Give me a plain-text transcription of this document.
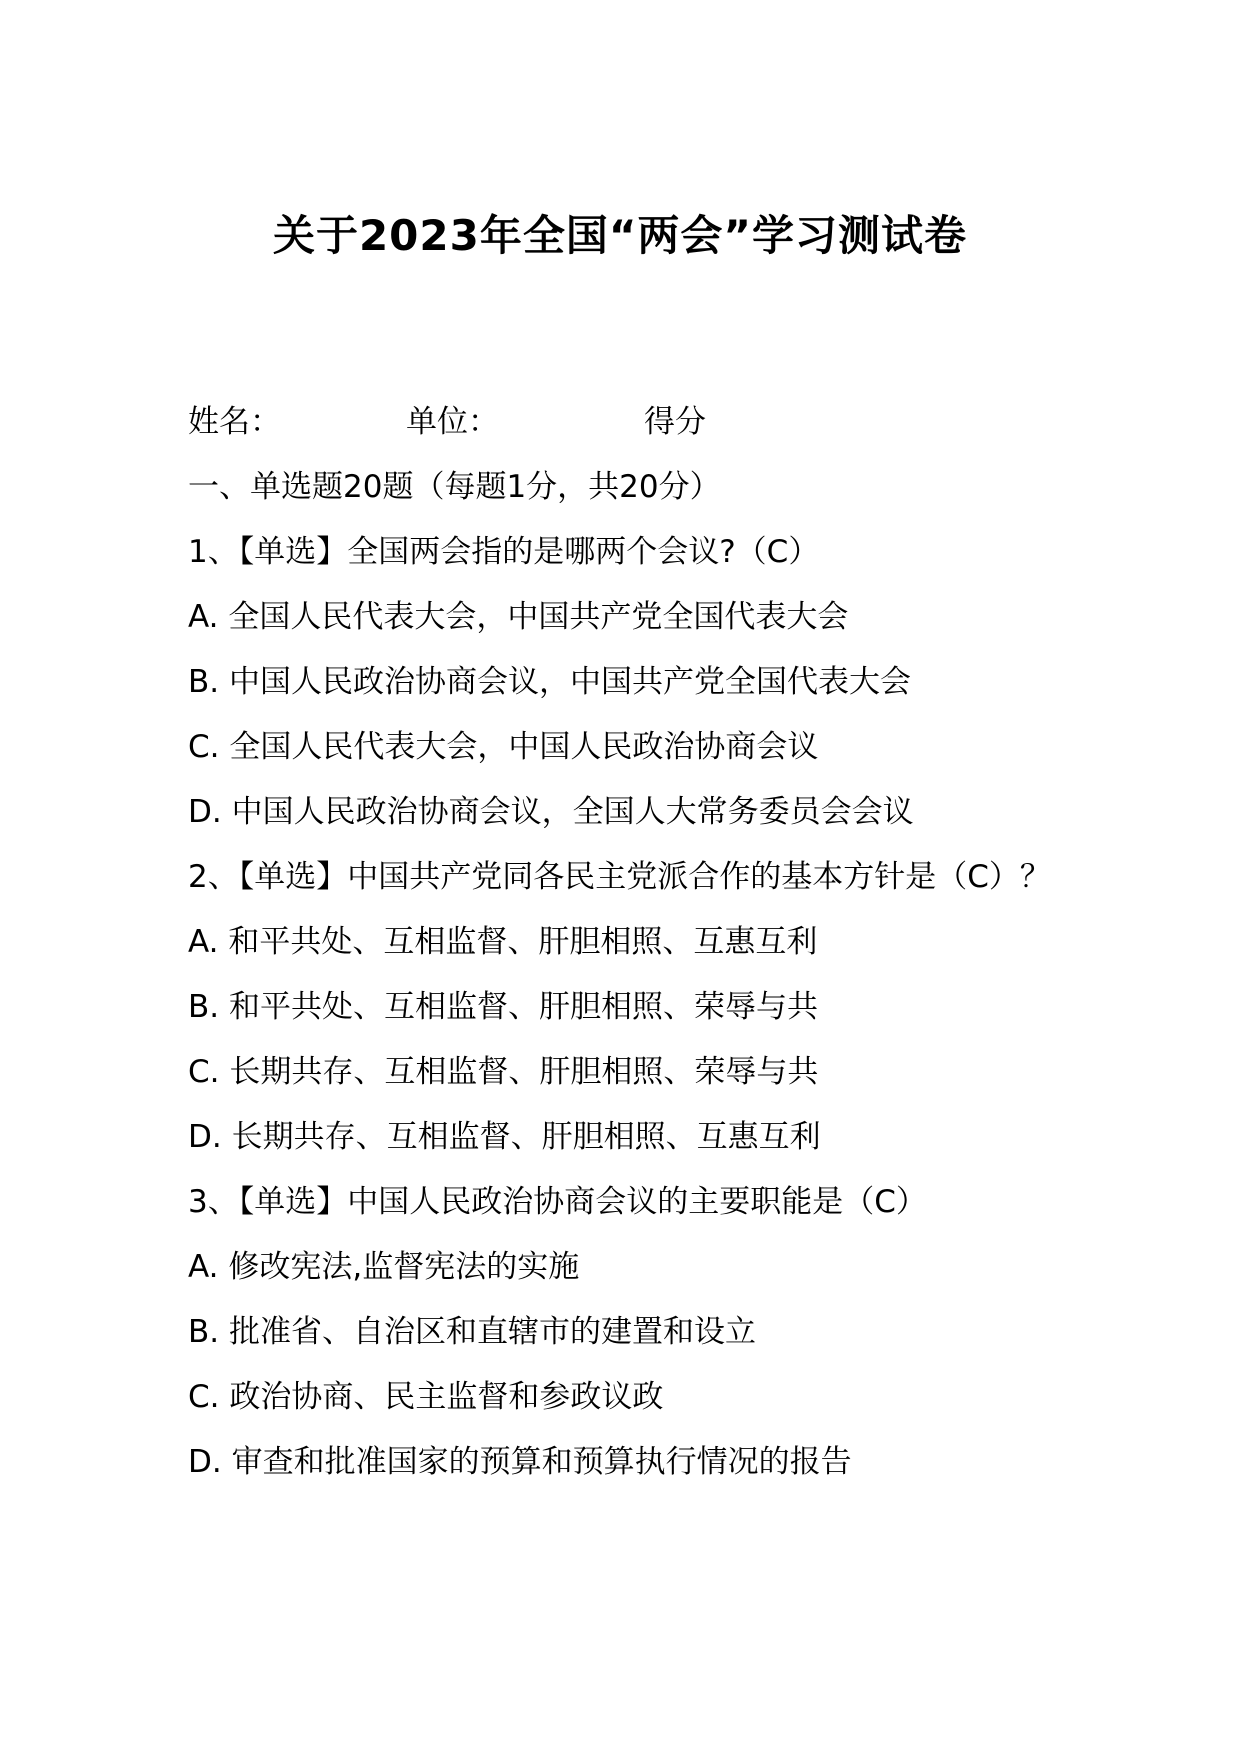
关于2023年全国“两会”学习测试卷
姓名：	单位：	得分
一、单选题20题（每题1分，共20分）
1、【单选】全国两会指的是哪两个会议?（C）
A. 全国人民代表大会，中国共产党全国代表大会
B. 中国人民政治协商会议，中国共产党全国代表大会
C. 全国人民代表大会，中国人民政治协商会议
D. 中国人民政治协商会议，全国人大常务委员会会议
2、【单选】中国共产党同各民主党派合作的基本方针是（C）？
A. 和平共处、互相监督、肝胆相照、互惠互利
B. 和平共处、互相监督、肝胆相照、荣辱与共
C. 长期共存、互相监督、肝胆相照、荣辱与共
D. 长期共存、互相监督、肝胆相照、互惠互利
3、【单选】中国人民政治协商会议的主要职能是（C）
A. 修改宪法,监督宪法的实施
B. 批准省、自治区和直辖市的建置和设立
C. 政治协商、民主监督和参政议政
D. 审查和批准国家的预算和预算执行情况的报告
